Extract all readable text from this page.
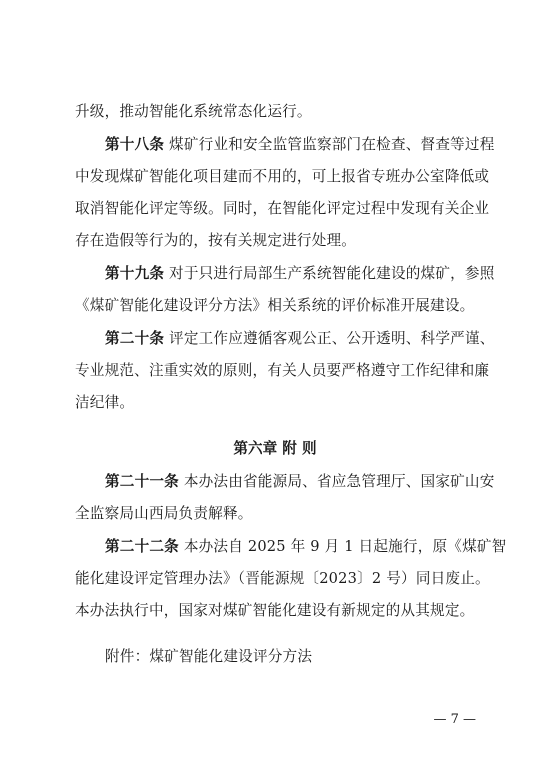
升级，推动智能化系统常态化运行。
第十八条 煤矿行业和安全监管监察部门在检查、督查等过程
中发现煤矿智能化项目建而不用的，可上报省专班办公室降低或
取消智能化评定等级。同时，在智能化评定过程中发现有关企业
存在造假等行为的，按有关规定进行处理。
第十九条 对于只进行局部生产系统智能化建设的煤矿，参照
《煤矿智能化建设评分方法》相关系统的评价标准开展建设。
第二十条 评定工作应遵循客观公正、公开透明、科学严谨、
专业规范、注重实效的原则，有关人员要严格遵守工作纪律和廉
洁纪律。
第六章 附 则
第二十一条 本办法由省能源局、省应急管理厅、国家矿山安
全监察局山西局负责解释。
第二十二条 本办法自 2025 年 9 月 1 日起施行，原《煤矿智
能化建设评定管理办法》（晋能源规〔2023〕2 号）同日废止。
本办法执行中，国家对煤矿智能化建设有新规定的从其规定。
附件：煤矿智能化建设评分方法
— 7 —
